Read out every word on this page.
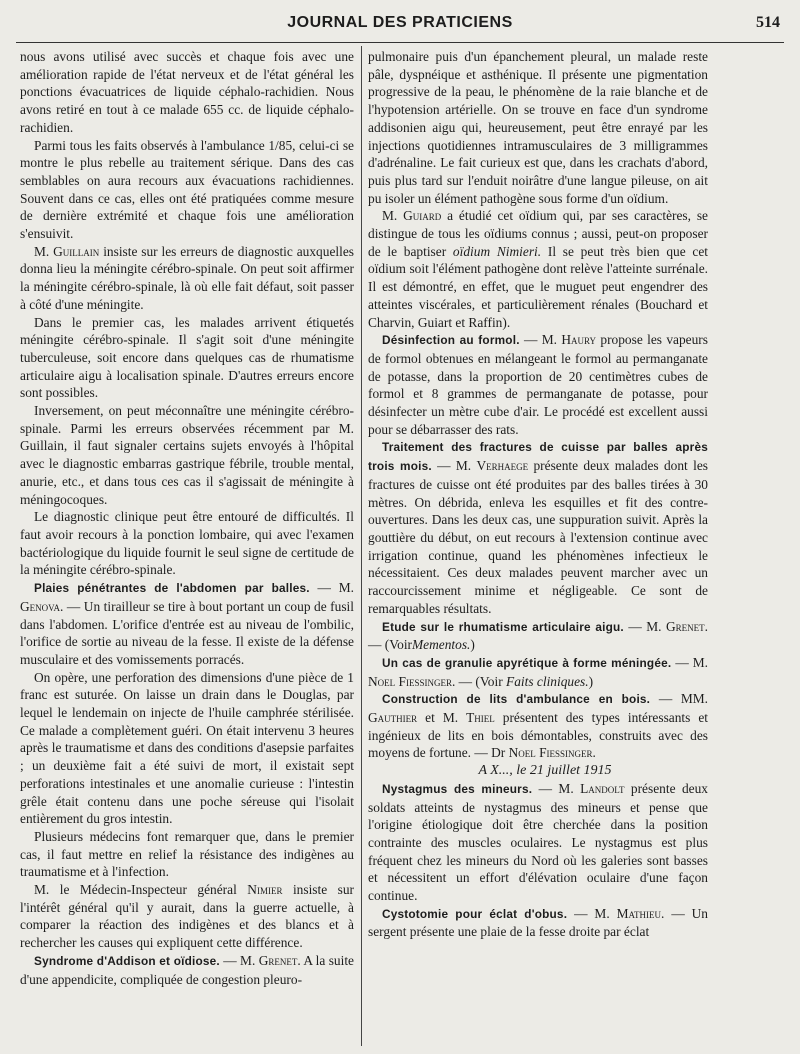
JOURNAL DES PRATICIENS	514

nous avons utilisé avec succès et chaque fois avec une amélioration rapide de l'état nerveux et de l'état général les ponctions évacuatrices de liquide céphalo-rachidien. Nous avons retiré en tout à ce malade 655 cc. de liquide céphalo-rachidien.

Parmi tous les faits observés à l'ambulance 1/85, celui-ci se montre le plus rebelle au traitement sérique. Dans des cas semblables on aura recours aux évacuations rachidiennes. Souvent dans ce cas, elles ont été pratiquées comme mesure de dernière extrémité et chaque fois une amélioration s'ensuivit.

M. Guillain insiste sur les erreurs de diagnostic auxquelles donna lieu la méningite cérébro-spinale. On peut soit affirmer la méningite cérébro-spinale, là où elle fait défaut, soit passer à côté d'une méningite.

Dans le premier cas, les malades arrivent étiquetés méningite cérébro-spinale. Il s'agit soit d'une méningite tuberculeuse, soit encore dans quelques cas de rhumatisme articulaire aigu à localisation spinale. D'autres erreurs encore sont possibles.

Inversement, on peut méconnaître une méningite cérébro-spinale. Parmi les erreurs observées récemment par M. Guillain, il faut signaler certains sujets envoyés à l'hôpital avec le diagnostic embarras gastrique fébrile, trouble mental, anurie, etc., et dans tous ces cas il s'agissait de méningite à méningocoques.

Le diagnostic clinique peut être entouré de difficultés. Il faut avoir recours à la ponction lombaire, qui avec l'examen bactériologique du liquide fournit le seul signe de certitude de la méningite cérébro-spinale.

Plaies pénétrantes de l'abdomen par balles. — M. Genova. — Un tirailleur se tire à bout portant un coup de fusil dans l'abdomen. L'orifice d'entrée est au niveau de l'ombilic, l'orifice de sortie au niveau de la fesse. Il existe de la défense musculaire et des vomissements porracés.

On opère, une perforation des dimensions d'une pièce de 1 franc est suturée. On laisse un drain dans le Douglas, par lequel le lendemain on injecte de l'huile camphrée stérilisée. Ce malade a complètement guéri. On était intervenu 3 heures après le traumatisme et dans des conditions d'asepsie parfaites ; un deuxième fait a été suivi de mort, il existait sept perforations intestinales et une anomalie curieuse : l'intestin grêle était contenu dans une poche séreuse qui l'isolait entièrement du gros intestin.

Plusieurs médecins font remarquer que, dans le premier cas, il faut mettre en relief la résistance des indigènes au traumatisme et à l'infection.

M. le Médecin-Inspecteur général Nimier insiste sur l'intérêt général qu'il y aurait, dans la guerre actuelle, à comparer la réaction des indigènes et des blancs et à rechercher les causes qui expliquent cette différence.

Syndrome d'Addison et oïdiose. — M. Grenet. A la suite d'une appendicite, compliquée de congestion pleuro-

pulmonaire puis d'un épanchement pleural, un malade reste pâle, dyspnéique et asthénique. Il présente une pigmentation progressive de la peau, le phénomène de la raie blanche et de l'hypotension artérielle. On se trouve en face d'un syndrome addisonien aigu qui, heureusement, peut être enrayé par les injections quotidiennes intramusculaires de 3 milligrammes d'adrénaline. Le fait curieux est que, dans les crachats d'abord, puis plus tard sur l'enduit noirâtre d'une langue pileuse, on ait pu isoler un élément pathogène sous forme d'un oïdium.

M. Guiard a étudié cet oïdium qui, par ses caractères, se distingue de tous les oïdiums connus ; aussi, peut-on proposer de le baptiser oïdium Nimieri. Il se peut très bien que cet oïdium soit l'élément pathogène dont relève l'atteinte surrénale. Il est démontré, en effet, que le muguet peut engendrer des atteintes viscérales, et particulièrement rénales (Bouchard et Charvin, Guiart et Raffin).

Désinfection au formol. — M. Haury propose les vapeurs de formol obtenues en mélangeant le formol au permanganate de potasse, dans la proportion de 20 centimètres cubes de formol et 8 grammes de permanganate de potasse, pour désinfecter un mètre cube d'air. Le procédé est excellent aussi pour se débarrasser des rats.

Traitement des fractures de cuisse par balles après trois mois. — M. Verhaege présente deux malades dont les fractures de cuisse ont été produites par des balles tirées à 30 mètres. On débrida, enleva les esquilles et fit des contre-ouvertures. Dans les deux cas, une suppuration suivit. Après la gouttière du début, on eut recours à l'extension continue avec irrigation continue, quand les phénomènes infectieux le nécessitaient. Ces deux malades peuvent marcher avec un raccourcissement minime et négligeable. Ce sont de remarquables résultats.

Etude sur le rhumatisme articulaire aigu. — M. Grenet. — (VoirMementos.)

Un cas de granulie apyrétique à forme méningée. — M. Noel Fiessinger. — (Voir Faits cliniques.)

Construction de lits d'ambulance en bois. — MM. Gauthier et M. Thiel présentent des types intéressants et ingénieux de lits en bois démontables, construits avec des moyens de fortune. — Dr Noel Fiessinger.

A X..., le 21 juillet 1915

Nystagmus des mineurs. — M. Landolt présente deux soldats atteints de nystagmus des mineurs et pense que l'origine étiologique doit être cherchée dans la position contrainte des muscles oculaires. Le nystagmus est plus fréquent chez les mineurs du Nord où les galeries sont basses et nécessitent un effort d'élévation oculaire d'une façon continue.

Cystotomie pour éclat d'obus. — M. Mathieu. — Un sergent présente une plaie de la fesse droite par éclat
